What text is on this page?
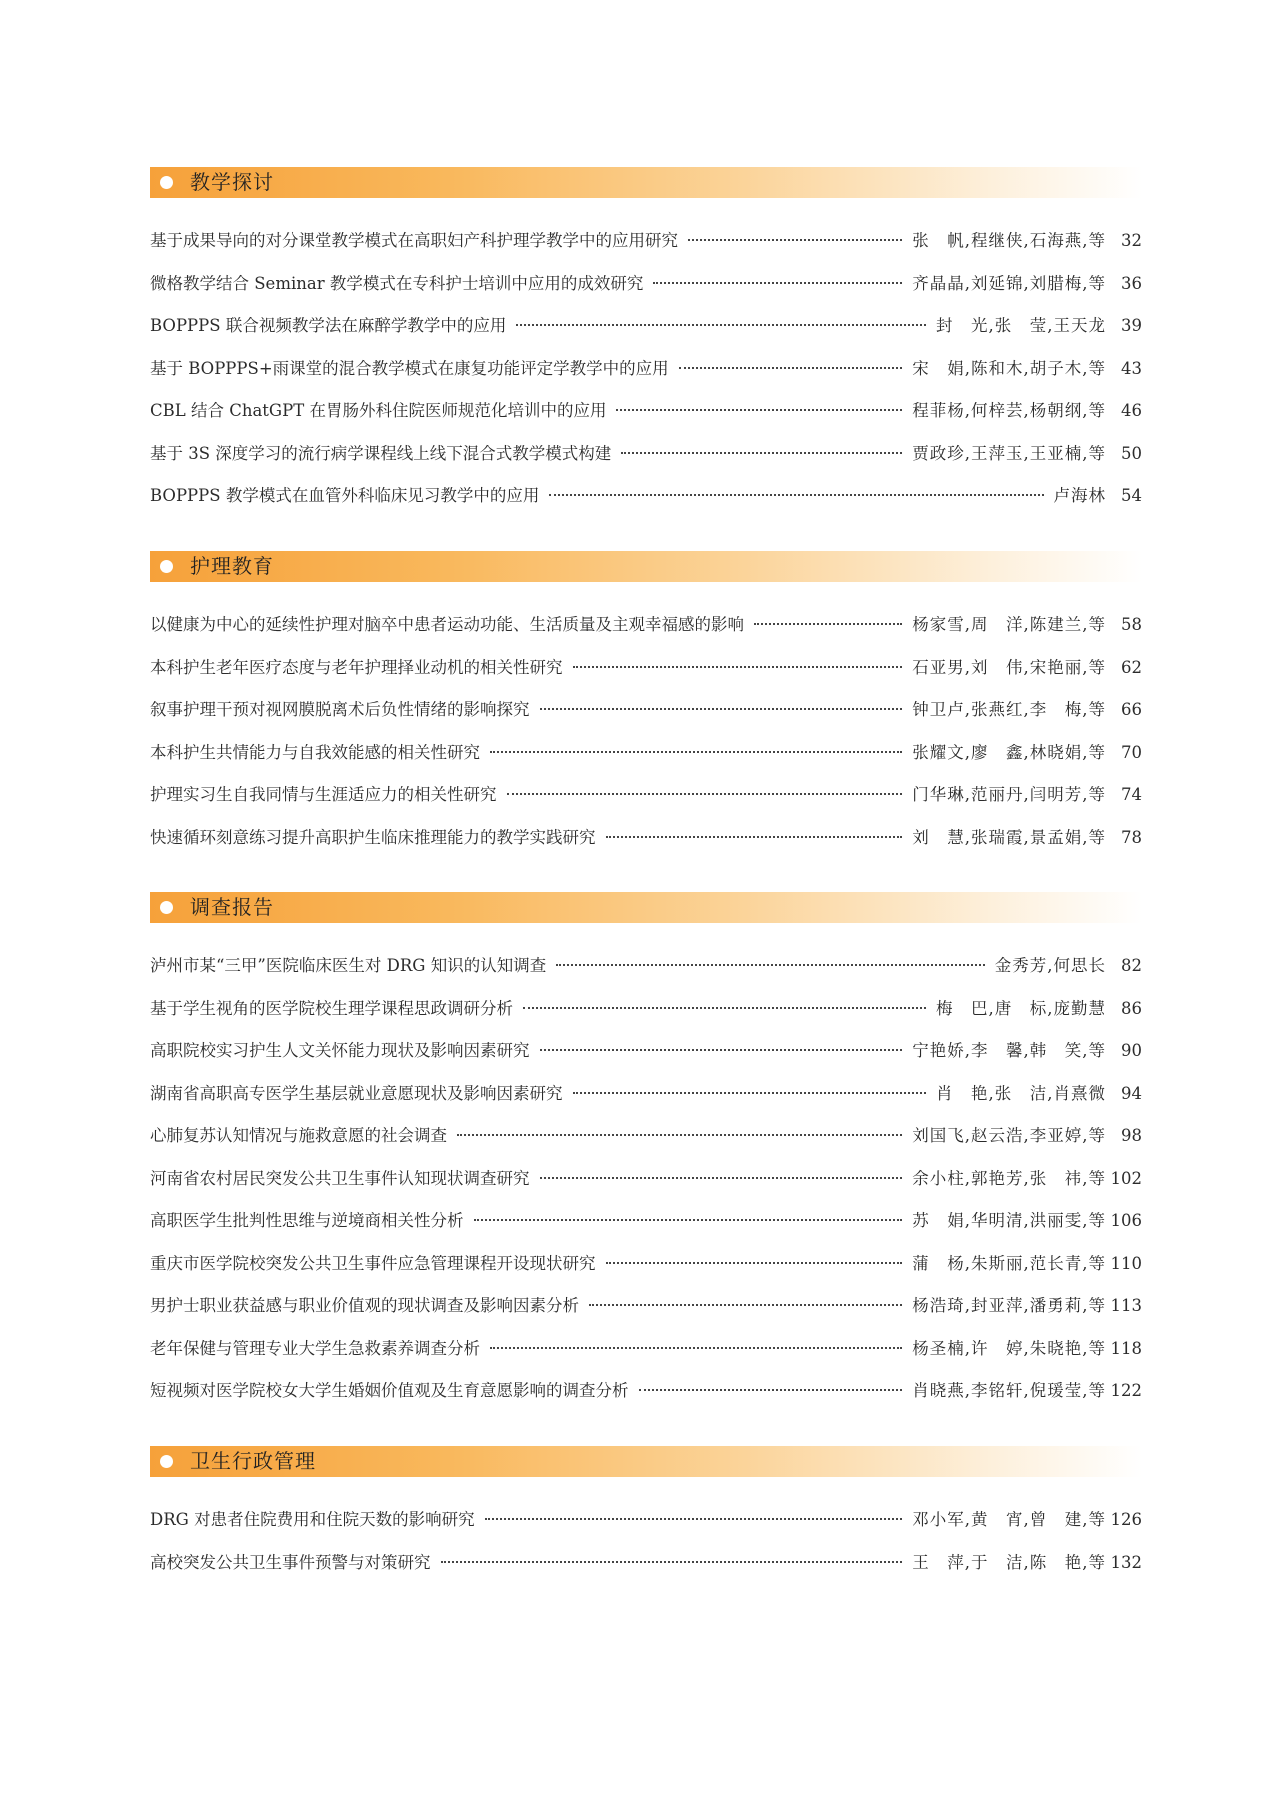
教学探讨
基于成果导向的对分课堂教学模式在高职妇产科护理学教学中的应用研究	张　帆,程继侠,石海燕,等 32
微格教学结合 Seminar 教学模式在专科护士培训中应用的成效研究	齐晶晶,刘延锦,刘腊梅,等 36
BOPPPS 联合视频教学法在麻醉学教学中的应用	封　光,张　莹,王天龙 39
基于 BOPPPS+雨课堂的混合教学模式在康复功能评定学教学中的应用	宋　娟,陈和木,胡子木,等 43
CBL 结合 ChatGPT 在胃肠外科住院医师规范化培训中的应用	程菲杨,何梓芸,杨朝纲,等 46
基于 3S 深度学习的流行病学课程线上线下混合式教学模式构建	贾政珍,王萍玉,王亚楠,等 50
BOPPPS 教学模式在血管外科临床见习教学中的应用	卢海林 54
护理教育
以健康为中心的延续性护理对脑卒中患者运动功能、生活质量及主观幸福感的影响	杨家雪,周　洋,陈建兰,等 58
本科护生老年医疗态度与老年护理择业动机的相关性研究	石亚男,刘　伟,宋艳丽,等 62
叙事护理干预对视网膜脱离术后负性情绪的影响探究	钟卫卢,张燕红,李　梅,等 66
本科护生共情能力与自我效能感的相关性研究	张耀文,廖　鑫,林晓娟,等 70
护理实习生自我同情与生涯适应力的相关性研究	门华琳,范丽丹,闫明芳,等 74
快速循环刻意练习提升高职护生临床推理能力的教学实践研究	刘　慧,张瑞霞,景孟娟,等 78
调查报告
泸州市某“三甲”医院临床医生对 DRG 知识的认知调查	金秀芳,何思长 82
基于学生视角的医学院校生理学课程思政调研分析	梅　巴,唐　标,庞勤慧 86
高职院校实习护生人文关怀能力现状及影响因素研究	宁艳娇,李　馨,韩　笑,等 90
湖南省高职高专医学生基层就业意愿现状及影响因素研究	肖　艳,张　洁,肖熹微 94
心肺复苏认知情况与施救意愿的社会调查	刘国飞,赵云浩,李亚婷,等 98
河南省农村居民突发公共卫生事件认知现状调查研究	余小柱,郭艳芳,张　祎,等 102
高职医学生批判性思维与逆境商相关性分析	苏　娟,华明清,洪丽雯,等 106
重庆市医学院校突发公共卫生事件应急管理课程开设现状研究	蒲　杨,朱斯丽,范长青,等 110
男护士职业获益感与职业价值观的现状调查及影响因素分析	杨浩琦,封亚萍,潘勇莉,等 113
老年保健与管理专业大学生急救素养调查分析	杨圣楠,许　婷,朱晓艳,等 118
短视频对医学院校女大学生婚姻价值观及生育意愿影响的调查分析	肖晓燕,李铭轩,倪瑗莹,等 122
卫生行政管理
DRG 对患者住院费用和住院天数的影响研究	邓小军,黄　宵,曾　建,等 126
高校突发公共卫生事件预警与对策研究	王　萍,于　洁,陈　艳,等 132
